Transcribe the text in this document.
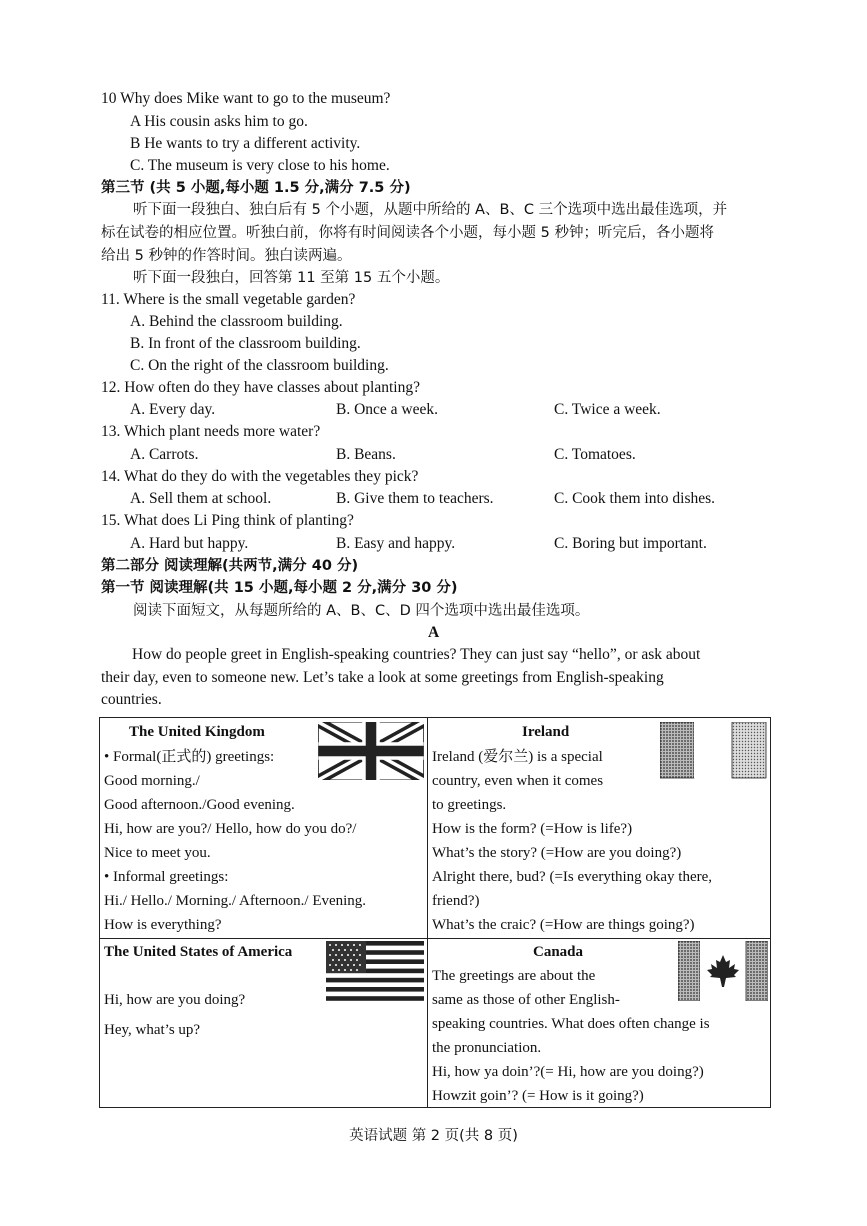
10 Why does Mike want to go to the museum?
A His cousin asks him to go.
B He wants to try a different activity.
C. The museum is very close to his home.
第三节 (共 5 小题,每小题 1.5 分,满分 7.5 分)
听下面一段独白、独白后有 5 个小题，从题中所给的 A、B、C 三个选项中选出最佳选项，并
标在试卷的相应位置。听独白前，你将有时间阅读各个小题，每小题 5 秒钟；听完后，各小题将
给出 5 秒钟的作答时间。独白读两遍。
听下面一段独白，回答第 11 至第 15 五个小题。
11. Where is the small vegetable garden?
A. Behind the classroom building.
B. In front of the classroom building.
C. On the right of the classroom building.
12. How often do they have classes about planting?
A. Every day.	B. Once a week.	C. Twice a week.
13. Which plant needs more water?
A. Carrots.	B. Beans.	C. Tomatoes.
14. What do they do with the vegetables they pick?
A. Sell them at school.	B. Give them to teachers.	C. Cook them into dishes.
15. What does Li Ping think of planting?
A. Hard but happy.	B. Easy and happy.	C. Boring but important.
第二部分 阅读理解(共两节,满分 40 分)
第一节 阅读理解(共 15 小题,每小题 2 分,满分 30 分)
阅读下面短文，从每题所给的 A、B、C、D 四个选项中选出最佳选项。
A
How do people greet in English-speaking countries? They can just say “hello”, or ask about
their day, even to someone new. Let’s take a look at some greetings from English-speaking
countries.
The United Kingdom
• Formal(正式的) greetings:
Good morning./
Good afternoon./Good evening.
Hi, how are you?/ Hello, how do you do?/
Nice to meet you.
• Informal greetings:
Hi./ Hello./ Morning./ Afternoon./ Evening.
How is everything?
Ireland
Ireland (爱尔兰) is a special
country, even when it comes
to greetings.
How is the form? (=How is life?)
What’s the story? (=How are you doing?)
Alright there, bud? (=Is everything okay there,
friend?)
What’s the craic? (=How are things going?)
The United States of America
Hi, how are you doing?
Hey, what’s up?
Canada
The greetings are about the
same as those of other English-
speaking countries. What does often change is
the pronunciation.
Hi, how ya doin’?(= Hi, how are you doing?)
Howzit goin’? (= How is it going?)
英语试题 第 2 页(共 8 页)
